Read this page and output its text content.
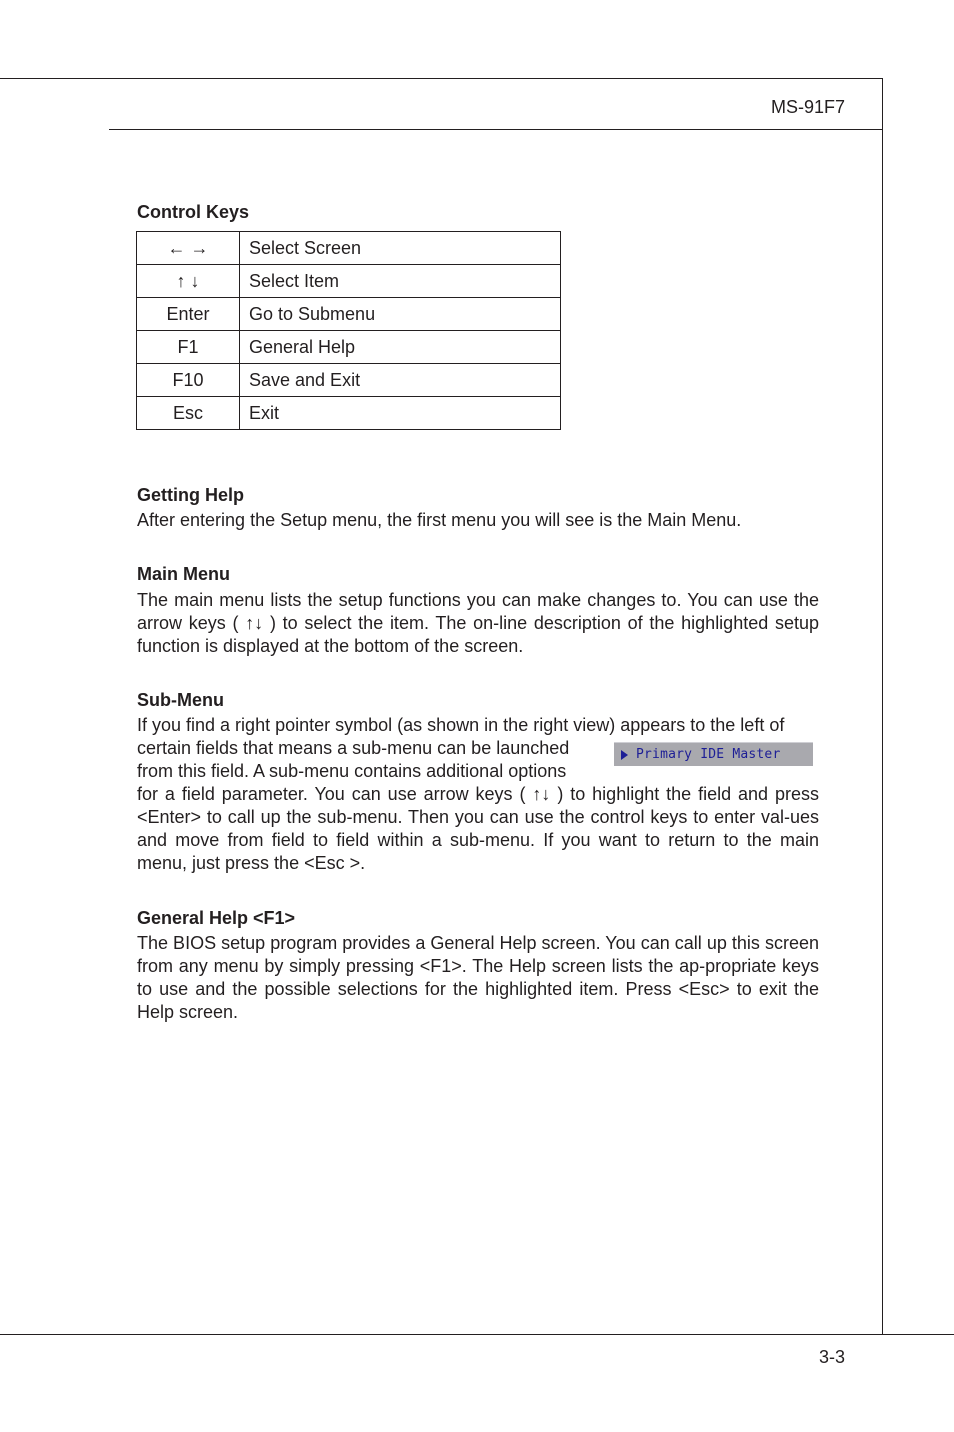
MS-91F7
Control Keys
← →	Select Screen
↑ ↓	Select Item
Enter	Go to Submenu
F1	General Help
F10	Save and Exit
Esc	Exit
Getting Help

After entering the Setup menu, the first menu you will see is the Main Menu.

Main Menu

The main menu lists the setup functions you can make changes to. You can use the arrow keys ( ↑↓ ) to select the item. The on-line description of the highlighted setup function is displayed at the bottom of the screen.

Sub-Menu

If you find a right pointer symbol (as shown in the right view) appears to the left of
certain fields that means a sub-menu can be launched
from this field. A sub-menu contains additional options
for a field parameter. You can use arrow keys ( ↑↓ ) to highlight the field and press <Enter> to call up the sub-menu. Then you can use the control keys to enter val-ues and move from field to field within a sub-menu. If you want to return to the main menu, just press the <Esc >.

Primary IDE Master
General Help <F1>

The BIOS setup program provides a General Help screen. You can call up this screen from any menu by simply pressing <F1>. The Help screen lists the ap-propriate keys to use and the possible selections for the highlighted item. Press <Esc> to exit the Help screen.

3-3
